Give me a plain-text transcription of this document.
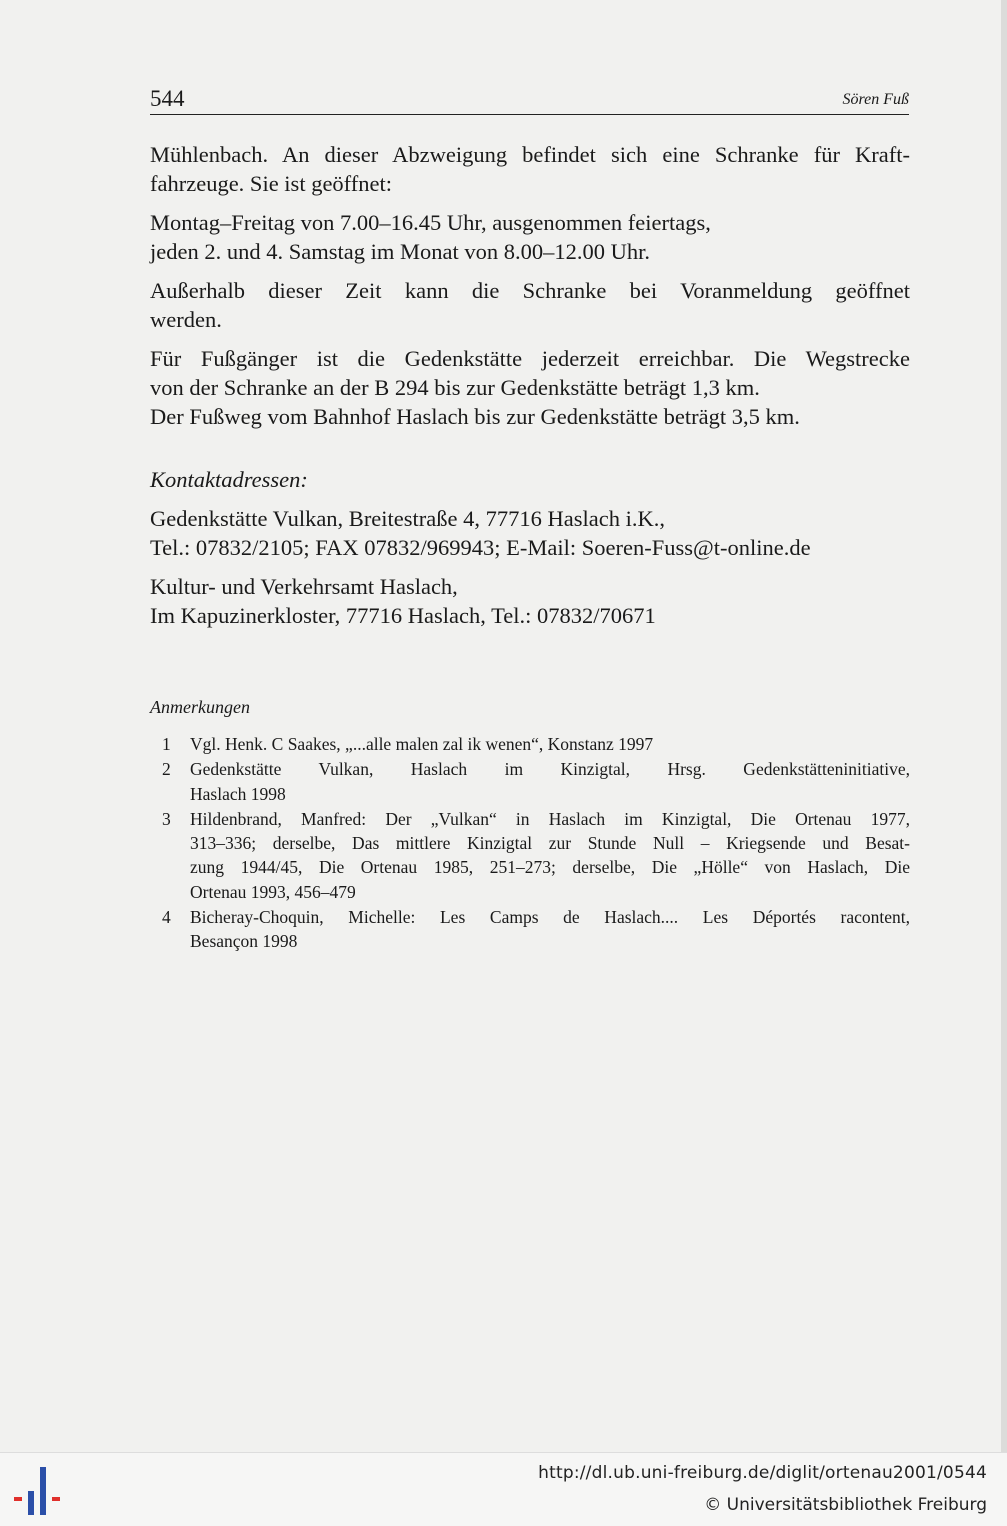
544	Sören Fuß

Mühlenbach. An dieser Abzweigung befindet sich eine Schranke für Kraft-
fahrzeuge. Sie ist geöffnet:

Montag–Freitag von 7.00–16.45 Uhr, ausgenommen feiertags,
jeden 2. und 4. Samstag im Monat von 8.00–12.00 Uhr.

Außerhalb dieser Zeit kann die Schranke bei Voranmeldung geöffnet
werden.

Für Fußgänger ist die Gedenkstätte jederzeit erreichbar. Die Wegstrecke
von der Schranke an der B 294 bis zur Gedenkstätte beträgt 1,3 km.
Der Fußweg vom Bahnhof Haslach bis zur Gedenkstätte beträgt 3,5 km.

Kontaktadressen:

Gedenkstätte Vulkan, Breitestraße 4, 77716 Haslach i.K.,
Tel.: 07832/2105; FAX 07832/969943; E-Mail: Soeren-Fuss@t-online.de

Kultur- und Verkehrsamt Haslach,
Im Kapuzinerkloster, 77716 Haslach, Tel.: 07832/70671

Anmerkungen
1	Vgl. Henk. C Saakes, „...alle malen zal ik wenen“, Konstanz 1997
2	Gedenkstätte Vulkan, Haslach im Kinzigtal, Hrsg. Gedenkstätteninitiative,
Haslach 1998
3	Hildenbrand, Manfred: Der „Vulkan“ in Haslach im Kinzigtal, Die Ortenau 1977,
313–336; derselbe, Das mittlere Kinzigtal zur Stunde Null – Kriegsende und Besat-
zung 1944/45, Die Ortenau 1985, 251–273; derselbe, Die „Hölle“ von Haslach, Die
Ortenau 1993, 456–479
4	Bicheray-Choquin, Michelle: Les Camps de Haslach.... Les Déportés racontent,
Besançon 1998
http://dl.ub.uni-freiburg.de/diglit/ortenau2001/0544
© Universitätsbibliothek Freiburg
